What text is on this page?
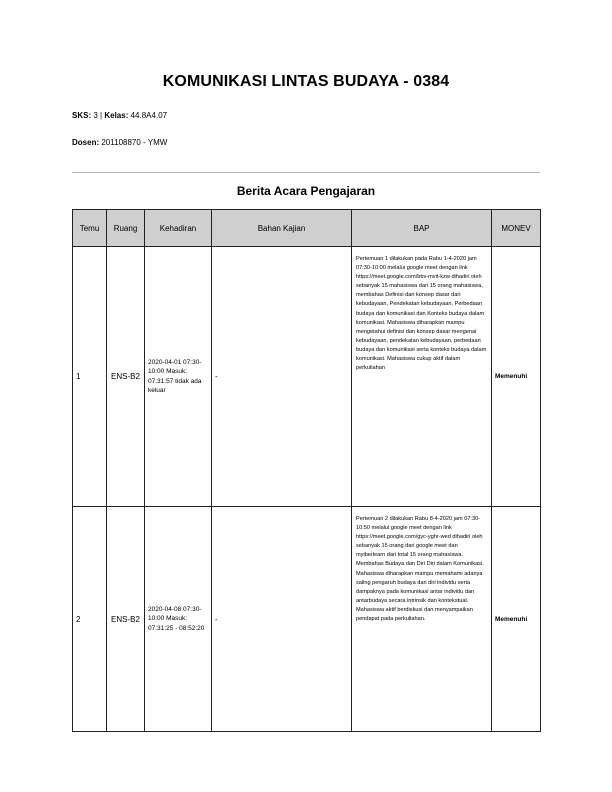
KOMUNIKASI LINTAS BUDAYA - 0384
SKS: 3 | Kelas: 44.8A4.07
Dosen: 201108870 - YMW
Berita Acara Pengajaran
Temu	Ruang	Kehadiran	Bahan Kajian	BAP	MONEV
1	ENS-B2	2020-04-01 07:30-10:00 Masuk: 07:31:57 tidak ada keluar	-	Pertemuan 1 dilakukan pada Rabu 1-4-2020 jam 07:30-10:00 melalui google meet dengan link https://meet.google.com/bbv-mvit-kzw dihadiri oleh sebanyak 15 mahasiswa dari 15 orang mahasiswa, membahas Definisi dan konsep dasar dari kebudayaan, Pendekatan kebudayaan, Perbedaan budaya dan komunikasi dan Konteks budaya dalam komunikasi. Mahasiswa diharapkan mampu mengetahui definisi dan konsep dasar mengenai kebudayaan, pendekatan kebudayaan, perbedaan budaya dan komunikasi serta konteks budaya dalam komunikasi. Mahasiswa cukup aktif dalam perkuliahan	Memenuhi
2	ENS-B2	2020-04-08 07:30-10:00 Masuk: 07:31:25 - 08:52:20	-	Pertemuan 2 dilakukan Rabu 8-4-2020 jam 07:30-10:50 melalui google meet dengan link https://meet.google.com/gyc-yghr-wed dihadiri oleh sebanyak 15 orang dari google meet dan myiberlearn dari total 15 orang mahasiswa. Membahas Budaya dan Diri Diri dalam Komunikasi. Mahasiswa diharapkan mampu memahami adanya saling pengaruh budaya dan diri individu serta dampaknya pada komunikasi antar individu dan antarbudaya secara intrinsik dan kontekstual. Mahasiswa aktif berdiskusi dan menyampaikan pendapat pada perkuliahan.	Memenuhi
